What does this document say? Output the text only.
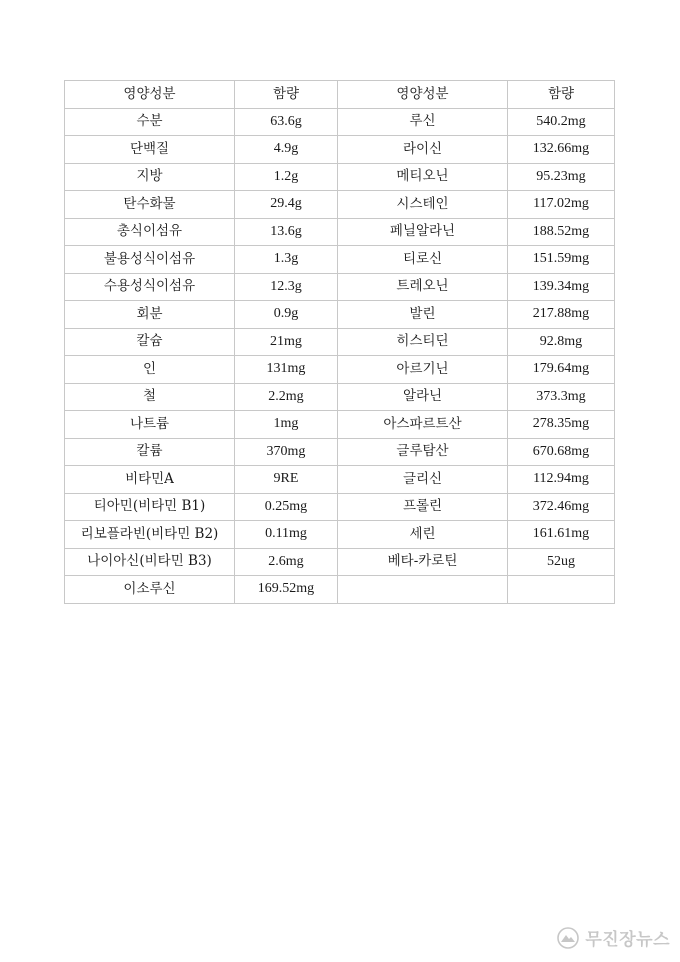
영양성분	함량	영양성분	함량
수분	63.6g	루신	540.2mg
단백질	4.9g	라이신	132.66mg
지방	1.2g	메티오닌	95.23mg
탄수화물	29.4g	시스테인	117.02mg
총식이섬유	13.6g	페닐알라닌	188.52mg
불용성식이섬유	1.3g	티로신	151.59mg
수용성식이섬유	12.3g	트레오닌	139.34mg
회분	0.9g	발린	217.88mg
칼슘	21mg	히스티딘	92.8mg
인	131mg	아르기닌	179.64mg
철	2.2mg	알라닌	373.3mg
나트륨	1mg	아스파르트산	278.35mg
칼륨	370mg	글루탐산	670.68mg
비타민A	9RE	글리신	112.94mg
티아민(비타민 B1)	0.25mg	프롤린	372.46mg
리보플라빈(비타민 B2)	0.11mg	세린	161.61mg
나이아신(비타민 B3)	2.6mg	베타-카로틴	52ug
이소루신	169.52mg		
무진장뉴스
